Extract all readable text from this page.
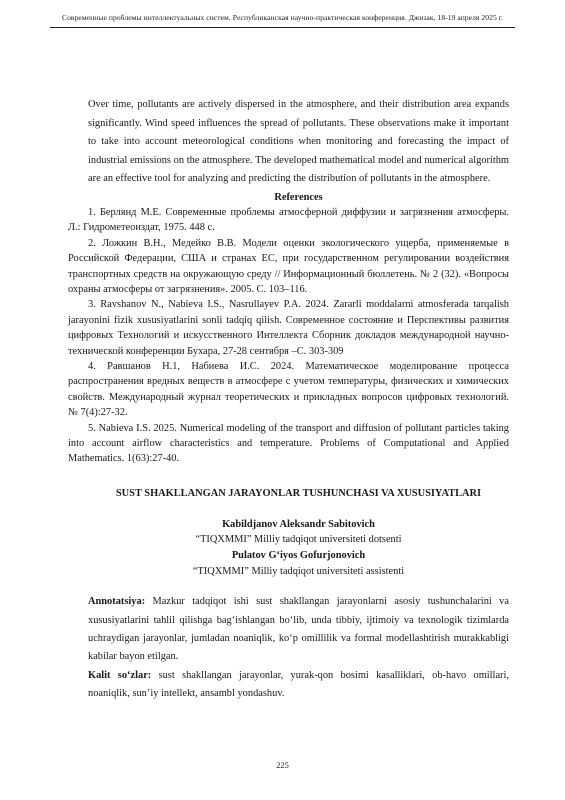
Современные проблемы интеллектуальных систем. Республиканская научно-практическая конференция. Джизак, 18-19 апреля 2025 г.

Over time, pollutants are actively dispersed in the atmosphere, and their distribution area expands significantly. Wind speed influences the spread of pollutants. These observations make it important to take into account meteorological conditions when monitoring and forecasting the impact of industrial emissions on the atmosphere. The developed mathematical model and numerical algorithm are an effective tool for analyzing and predicting the distribution of pollutants in the atmosphere.

References

1. Берлянд М.Е. Современные проблемы атмосферной диффузии и загрязнения атмосферы. Л.: Гидрометеоиздат, 1975. 448 с.

2. Ложкин В.Н., Медейко В.В. Модели оценки экологического ущерба, применяемые в Российской Федерации, США и странах ЕС, при государственном регулировании воздействия транспортных средств на окружающую среду // Информационный бюллетень. № 2 (32). «Вопросы охраны атмосферы от загрязнения». 2005. С. 103–116.

3. Ravshanov N., Nabieva I.S., Nasrullayev P.A. 2024. Zararli moddalarni atmosferada tarqalish jarayonini fizik xususiyatlarini sonli tadqiq qilish. Современное состояние и Перспективы развития цифровых Технологий и искусственного Интеллекта Сборник докладов международной научно-технической конференции Бухара, 27-28 сентября –С. 303-309

4. Равшанов Н.1, Набиева И.С. 2024. Математическое моделирование процесса распространения вредных веществ в атмосфере с учетом температуры, физических и химических свойств. Международный журнал теоретических и прикладных вопросов цифровых технологий. № 7(4):27-32.

5. Nabieva I.S. 2025. Numerical modeling of the transport and diffusion of pollutant particles taking into account airflow characteristics and temperature. Problems of Computational and Applied Mathematics. 1(63):27-40.

SUST SHAKLLANGAN JARAYONLAR TUSHUNCHASI VA XUSUSIYATLARI

Kabildjanov Aleksandr Sabitovich
“TIQXMMI” Milliy tadqiqot universiteti dotsenti
Pulatov G‘iyos Gofurjonovich
“TIQXMMI” Milliy tadqiqot universiteti assistenti

Annotatsiya: Mazkur tadqiqot ishi sust shakllangan jarayonlarni asosiy tushunchalarini va xususiyatlarini tahlil qilishga bag‘ishlangan bo‘lib, unda tibbiy, ijtimoiy va texnologik tizimlarda uchraydigan jarayonlar, jumladan noaniqlik, ko‘p omillilik va formal modellashtirish murakkabligi kabilar bayon etilgan.

Kalit so‘zlar: sust shakllangan jarayonlar, yurak-qon bosimi kasalliklari, ob-havo omillari, noaniqlik, sun’iy intellekt, ansambl yondashuv.

225
